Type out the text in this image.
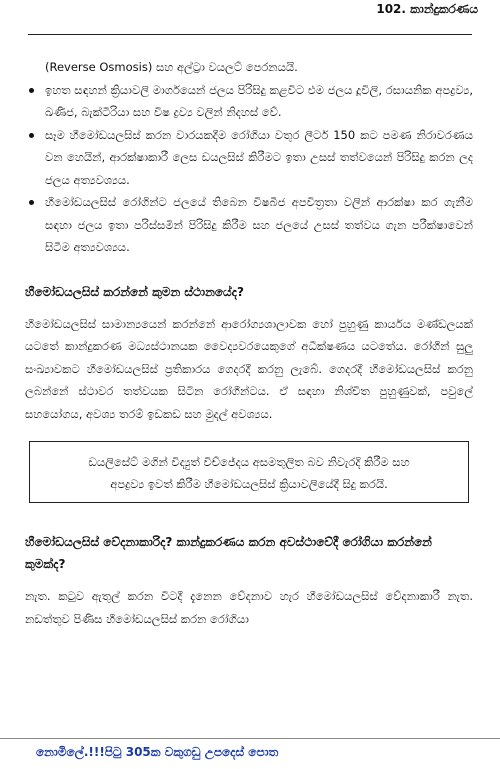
102. කාන්දුකරණය

(Reverse Osmosis) සහ අල්ට්‍රා වයලට් පෙරනයයි.

ඉහත සඳහන් ක්‍රියාවලි මාර්ගයෙන් ජලය පිරිසිදු කළවිට එම ජලය දූවිලි, රසායනික අපද්‍රව්‍ය, ඛණිජ, බැක්ටීරියා සහ විෂ ද්‍රව්‍ය වලින් නිදහස් වේ.
සෑම හීමෝඩයලසිස් කරන වාරයකදීම රෝගියා වතුර ලීටර් 150 කට පමණ නිරාවරණය වන හෙයින්, ආරක්ෂාකාරී ලෙස ඩයලසිස් කිරීමට ඉතා උසස් තත්වයෙන් පිරිසිදු කරන ලද ජලය අත්‍යවශ්‍යය.
හීමෝඩයලසිස් රෝගින්ට ජලයේ තිබෙන විෂබීජ අපවිත්‍රතා වලින් ආරක්ෂා කර ගැනීම සඳහා ජලය ඉතා පරිස්සමින් පිරිසිදු කිරීම සහ ජලයේ උසස් තත්වය ගැන පරීක්ෂාවෙන් සිටීම අත්‍යවශ්‍යය.

හීමෝඩයලසිස් කරන්නේ කුමන ස්ථානයේද?

හීමෝඩයලසිස් සාමාන්‍යයෙන් කරන්නේ ආරෝග්‍යශාලාවක හෝ පුහුණු කාර්යය මණ්ඩලයක් යටතේ කාන්දුකරණ මධ්‍යස්ථානයක වෛද්‍යවරයෙකුගේ අධීක්ෂණය යටතේය. රෝගීන් සුලු සංඛ්‍යාවකට හීමෝඩයලසිස් ප්‍රතිකාරය ගෙදරදී කරනු ලැබේ. ගෙදරදී හීමෝඩයලසිස් කරනු ලබන්නේ ස්ථාවර තත්වයක සිටින රෝගීන්ටය. ඒ සඳහා නිශ්චිත පුහුණුවක්, පවුලේ සහයෝගය, අවශ්‍ය තරම් ඉඩකඩ සහ මුදල් අවශ්‍යය.

ඩයලිසේට් මගින් විද්‍යුත් විච්ජේදය අසමතුලිත බව නිවැරදි කිරීම සහ
අපද්‍රව්‍ය ඉවත් කිරීම හීමෝඩයලසිස් ක්‍රියාවලියේදී සිදු කරයි.

හීමෝඩයලසිස් වේදනාකාරිද? කාන්දුකරණය කරන අවස්ථාවේදී රෝගියා කරන්නේ කුමක්ද?

නැත. කටුව ඇතුල් කරන විටදී දැනෙන වේදනාව හැර හීමෝඩයලසිස් වේදනාකාරී නැත. නඩත්තුව පිණිස හීමෝඩයලසිස් කරන රෝගියා

නොමිලේ.!!!පිටු 305ක වකුගඩු උපදෙස් පොත
